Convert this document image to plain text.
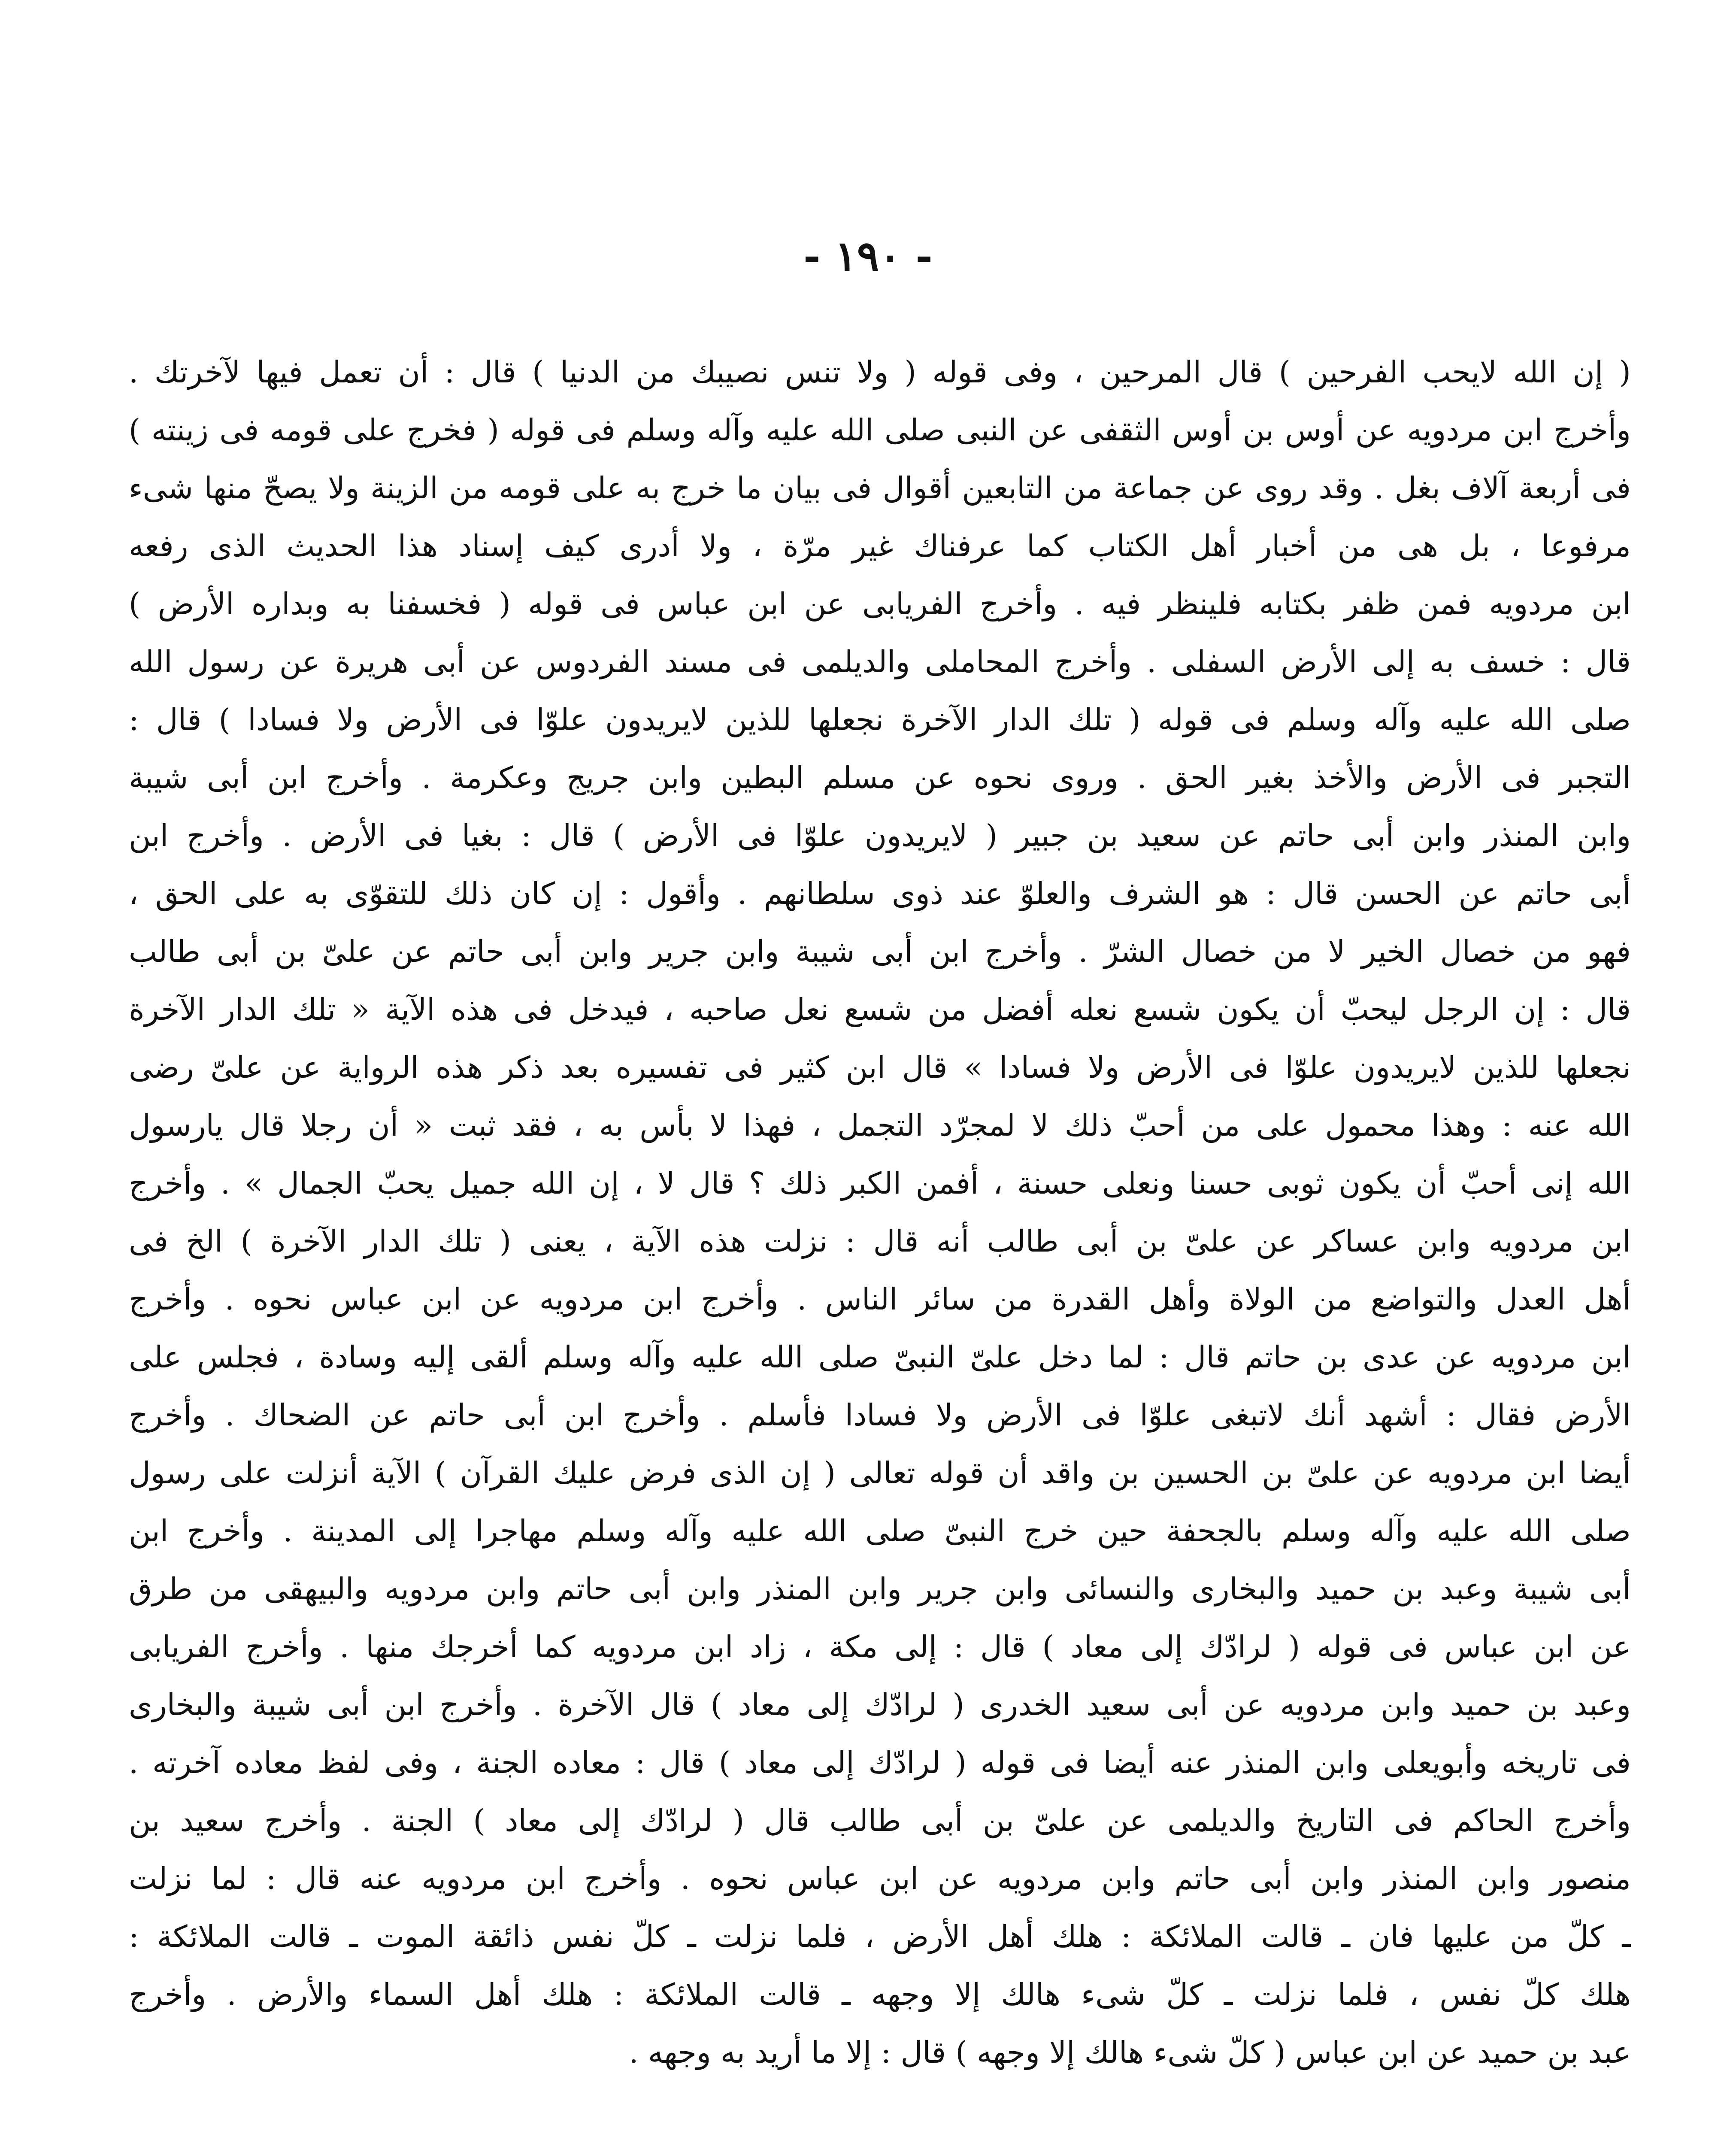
- ١٩٠ -
( إن الله لايحب الفرحين ) قال المرحين ، وفى قوله ( ولا تنس نصيبك من الدنيا ) قال : أن تعمل فيها لآخرتك .
وأخرج ابن مردويه عن أوس بن أوس الثقفى عن النبى صلى الله عليه وآله وسلم فى قوله ( فخرج على قومه فى زينته )
فى أربعة آلاف بغل . وقد روى عن جماعة من التابعين أقوال فى بيان ما خرج به على قومه من الزينة ولا يصحّ منها شىء
مرفوعا ، بل هى من أخبار أهل الكتاب كما عرفناك غير مرّة ، ولا أدرى كيف إسناد هذا الحديث الذى رفعه
ابن مردويه فمن ظفر بكتابه فلينظر فيه . وأخرج الفريابى عن ابن عباس فى قوله ( فخسفنا به وبداره الأرض )
قال : خسف به إلى الأرض السفلى . وأخرج المحاملى والديلمى فى مسند الفردوس عن أبى هريرة عن رسول الله
صلى الله عليه وآله وسلم فى قوله ( تلك الدار الآخرة نجعلها للذين لايريدون علوّا فى الأرض ولا فسادا ) قال :
التجبر فى الأرض والأخذ بغير الحق . وروى نحوه عن مسلم البطين وابن جريج وعكرمة . وأخرج ابن أبى شيبة
وابن المنذر وابن أبى حاتم عن سعيد بن جبير ( لايريدون علوّا فى الأرض ) قال : بغيا فى الأرض . وأخرج ابن
أبى حاتم عن الحسن قال : هو الشرف والعلوّ عند ذوى سلطانهم . وأقول : إن كان ذلك للتقوّى به على الحق ،
فهو من خصال الخير لا من خصال الشرّ . وأخرج ابن أبى شيبة وابن جرير وابن أبى حاتم عن علىّ بن أبى طالب
قال : إن الرجل ليحبّ أن يكون شسع نعله أفضل من شسع نعل صاحبه ، فيدخل فى هذه الآية « تلك الدار الآخرة
نجعلها للذين لايريدون علوّا فى الأرض ولا فسادا » قال ابن كثير فى تفسيره بعد ذكر هذه الرواية عن علىّ رضى
الله عنه : وهذا محمول على من أحبّ ذلك لا لمجرّد التجمل ، فهذا لا بأس به ، فقد ثبت « أن رجلا قال يارسول
الله إنى أحبّ أن يكون ثوبى حسنا ونعلى حسنة ، أفمن الكبر ذلك ؟ قال لا ، إن الله جميل يحبّ الجمال » . وأخرج
ابن مردويه وابن عساكر عن علىّ بن أبى طالب أنه قال : نزلت هذه الآية ، يعنى ( تلك الدار الآخرة ) الخ فى
أهل العدل والتواضع من الولاة وأهل القدرة من سائر الناس . وأخرج ابن مردويه عن ابن عباس نحوه . وأخرج
ابن مردويه عن عدى بن حاتم قال : لما دخل علىّ النبىّ صلى الله عليه وآله وسلم ألقى إليه وسادة ، فجلس على
الأرض فقال : أشهد أنك لاتبغى علوّا فى الأرض ولا فسادا فأسلم . وأخرج ابن أبى حاتم عن الضحاك . وأخرج
أيضا ابن مردويه عن علىّ بن الحسين بن واقد أن قوله تعالى ( إن الذى فرض عليك القرآن ) الآية أنزلت على رسول
صلى الله عليه وآله وسلم بالجحفة حين خرج النبىّ صلى الله عليه وآله وسلم مهاجرا إلى المدينة . وأخرج ابن
أبى شيبة وعبد بن حميد والبخارى والنسائى وابن جرير وابن المنذر وابن أبى حاتم وابن مردويه والبيهقى من طرق
عن ابن عباس فى قوله ( لرادّك إلى معاد ) قال : إلى مكة ، زاد ابن مردويه كما أخرجك منها . وأخرج الفريابى
وعبد بن حميد وابن مردويه عن أبى سعيد الخدرى ( لرادّك إلى معاد ) قال الآخرة . وأخرج ابن أبى شيبة والبخارى
فى تاريخه وأبويعلى وابن المنذر عنه أيضا فى قوله ( لرادّك إلى معاد ) قال : معاده الجنة ، وفى لفظ معاده آخرته .
وأخرج الحاكم فى التاريخ والديلمى عن علىّ بن أبى طالب قال ( لرادّك إلى معاد ) الجنة . وأخرج سعيد بن
منصور وابن المنذر وابن أبى حاتم وابن مردويه عن ابن عباس نحوه . وأخرج ابن مردويه عنه قال : لما نزلت
ـ كلّ من عليها فان ـ قالت الملائكة : هلك أهل الأرض ، فلما نزلت ـ كلّ نفس ذائقة الموت ـ قالت الملائكة :
هلك كلّ نفس ، فلما نزلت ـ كلّ شىء هالك إلا وجهه ـ قالت الملائكة : هلك أهل السماء والأرض . وأخرج
عبد بن حميد عن ابن عباس ( كلّ شىء هالك إلا وجهه ) قال : إلا ما أريد به وجهه .
